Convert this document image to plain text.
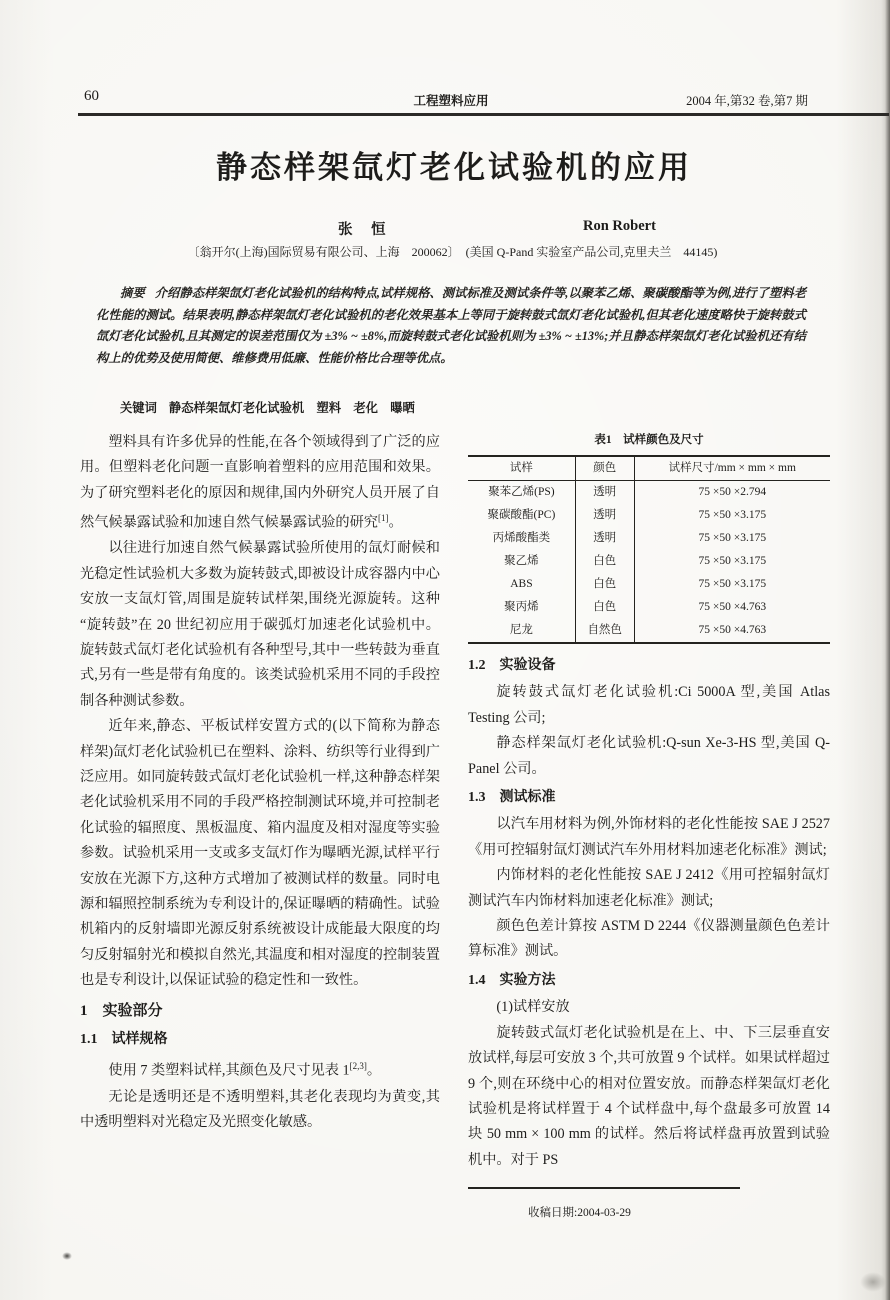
60	工程塑料应用	2004 年,第32 卷,第7 期
静态样架氙灯老化试验机的应用
张　恒	Ron Robert
〔翁开尔(上海)国际贸易有限公司、上海　200062〕　(美国 Q-Pand 实验室产品公司,克里夫兰　44145)
摘要 介绍静态样架氙灯老化试验机的结构特点,试样规格、测试标准及测试条件等,以聚苯乙烯、聚碳酸酯等为例,进行了塑料老化性能的测试。结果表明,静态样架氙灯老化试验机的老化效果基本上等同于旋转鼓式氙灯老化试验机,但其老化速度略快于旋转鼓式氙灯老化试验机,且其测定的误差范围仅为 ±3% ~ ±8%,而旋转鼓式老化试验机则为 ±3% ~ ±13%;并且静态样架氙灯老化试验机还有结构上的优势及使用简便、维修费用低廉、性能价格比合理等优点。
关键词 静态样架氙灯老化试验机　塑料　老化　曝晒

塑料具有许多优异的性能,在各个领域得到了广泛的应用。但塑料老化问题一直影响着塑料的应用范围和效果。为了研究塑料老化的原因和规律,国内外研究人员开展了自然气候暴露试验和加速自然气候暴露试验的研究[1]。

以往进行加速自然气候暴露试验所使用的氙灯耐候和光稳定性试验机大多数为旋转鼓式,即被设计成容器内中心安放一支氙灯管,周围是旋转试样架,围绕光源旋转。这种“旋转鼓”在 20 世纪初应用于碳弧灯加速老化试验机中。旋转鼓式氙灯老化试验机有各种型号,其中一些转鼓为垂直式,另有一些是带有角度的。该类试验机采用不同的手段控制各种测试参数。

近年来,静态、平板试样安置方式的(以下简称为静态样架)氙灯老化试验机已在塑料、涂料、纺织等行业得到广泛应用。如同旋转鼓式氙灯老化试验机一样,这种静态样架老化试验机采用不同的手段严格控制测试环境,并可控制老化试验的辐照度、黑板温度、箱内温度及相对湿度等实验参数。试验机采用一支或多支氙灯作为曝晒光源,试样平行安放在光源下方,这种方式增加了被测试样的数量。同时电源和辐照控制系统为专利设计的,保证曝晒的精确性。试验机箱内的反射墙即光源反射系统被设计成能最大限度的均匀反射辐射光和模拟自然光,其温度和相对湿度的控制装置也是专利设计,以保证试验的稳定性和一致性。

1　实验部分
1.1　试样规格

使用 7 类塑料试样,其颜色及尺寸见表 1[2,3]。

无论是透明还是不透明塑料,其老化表现均为黄变,其中透明塑料对光稳定及光照变化敏感。

表1　试样颜色及尺寸
试样	颜色	试样尺寸/mm × mm × mm
聚苯乙烯(PS)	透明	75 ×50 ×2.794
聚碳酸酯(PC)	透明	75 ×50 ×3.175
丙烯酸酯类	透明	75 ×50 ×3.175
聚乙烯	白色	75 ×50 ×3.175
ABS	白色	75 ×50 ×3.175
聚丙烯	白色	75 ×50 ×4.763
尼龙	自然色	75 ×50 ×4.763
1.2　实验设备

旋转鼓式氙灯老化试验机:Ci 5000A 型,美国 Atlas Testing 公司;

静态样架氙灯老化试验机:Q-sun Xe-3-HS 型,美国 Q-Panel 公司。

1.3　测试标准

以汽车用材料为例,外饰材料的老化性能按 SAE J 2527《用可控辐射氙灯测试汽车外用材料加速老化标准》测试;

内饰材料的老化性能按 SAE J 2412《用可控辐射氙灯测试汽车内饰材料加速老化标准》测试;

颜色色差计算按 ASTM D 2244《仪器测量颜色色差计算标准》测试。

1.4　实验方法

(1)试样安放

旋转鼓式氙灯老化试验机是在上、中、下三层垂直安放试样,每层可安放 3 个,共可放置 9 个试样。如果试样超过 9 个,则在环绕中心的相对位置安放。而静态样架氙灯老化试验机是将试样置于 4 个试样盘中,每个盘最多可放置 14 块 50 mm × 100 mm 的试样。然后将试样盘再放置到试验机中。对于 PS

收稿日期:2004-03-29
